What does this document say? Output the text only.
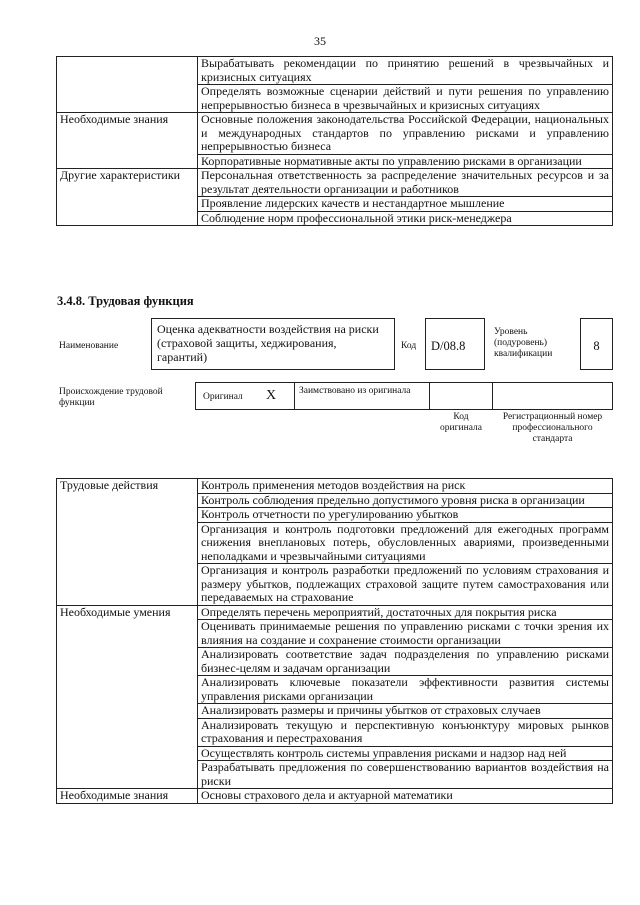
35
	Вырабатывать рекомендации по принятию решений в чрезвычайных и кризисных ситуациях
	Определять возможные сценарии действий и пути решения по управлению непрерывностью бизнеса в чрезвычайных и кризисных ситуациях
Необходимые знания	Основные положения законодательства Российской Федерации, национальных и международных стандартов по управлению рисками и управлению непрерывностью бизнеса
	Корпоративные нормативные акты по управлению рисками в организации
Другие характеристики	Персональная ответственность за распределение значительных ресурсов и за результат деятельности организации и работников
	Проявление лидерских качеств и нестандартное мышление
	Соблюдение норм профессиональной этики риск-менеджера
3.4.8. Трудовая функция
Наименование
Оценка адекватности воздействия на риски (страховой защиты, хеджирования, гарантий)
Код	D/08.8
Уровень (подуровень) квалификации
8
Происхождение трудовой функции
Оригинал X Заимствовано из оригинала
Код оригинала
Регистрационный номер профессионального стандарта
Трудовые действия	Контроль применения методов воздействия на риск
	Контроль соблюдения предельно допустимого уровня риска в организации
	Контроль отчетности по урегулированию убытков
	Организация и контроль подготовки предложений для ежегодных программ снижения внеплановых потерь, обусловленных авариями, произведенными неполадками и чрезвычайными ситуациями
	Организация и контроль разработки предложений по условиям страхования и размеру убытков, подлежащих страховой защите путем самострахования или передаваемых на страхование
Необходимые умения	Определять перечень мероприятий, достаточных для покрытия риска
	Оценивать принимаемые решения по управлению рисками с точки зрения их влияния на создание и сохранение стоимости организации
	Анализировать соответствие задач подразделения по управлению рисками бизнес-целям и задачам организации
	Анализировать ключевые показатели эффективности развития системы управления рисками организации
	Анализировать размеры и причины убытков от страховых случаев
	Анализировать текущую и перспективную конъюнктуру мировых рынков страхования и перестрахования
	Осуществлять контроль системы управления рисками и надзор над ней
	Разрабатывать предложения по совершенствованию вариантов воздействия на риски
Необходимые знания	Основы страхового дела и актуарной математики
